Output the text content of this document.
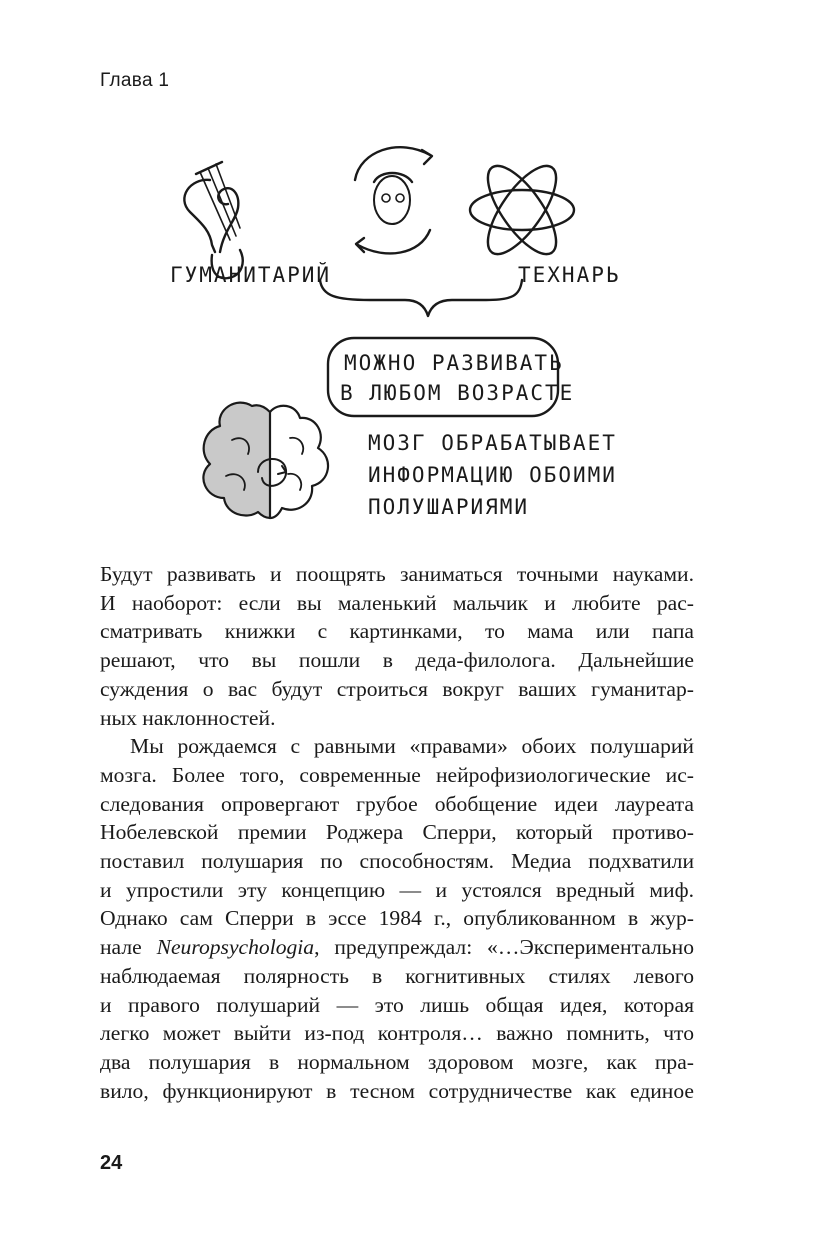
Глава 1
ГУМАНИТАРИЙ	ТЕХНАРЬ
МОЖНО РАЗВИВАТЬ
В ЛЮБОМ ВОЗРАСТЕ
МОЗГ ОБРАБАТЫВАЕТ
ИНФОРМАЦИЮ ОБОИМИ
ПОЛУШАРИЯМИ

Будут развивать и поощрять заниматься точными науками.
И наоборот: если вы маленький мальчик и любите рас-
сматривать книжки с картинками, то мама или папа
решают, что вы пошли в деда-филолога. Дальнейшие
суждения о вас будут строиться вокруг ваших гуманитар-
ных наклонностей.

Мы рождаемся с равными «правами» обоих полушарий
мозга. Более того, современные нейрофизиологические ис-
следования опровергают грубое обобщение идеи лауреата
Нобелевской премии Роджера Сперри, который противо-
поставил полушария по способностям. Медиа подхватили
и упростили эту концепцию — и устоялся вредный миф.
Однако сам Сперри в эссе 1984 г., опубликованном в жур-
нале Neuropsychologia, предупреждал: «…Экспериментально
наблюдаемая полярность в когнитивных стилях левого
и правого полушарий — это лишь общая идея, которая
легко может выйти из-под контроля… важно помнить, что
два полушария в нормальном здоровом мозге, как пра-
вило, функционируют в тесном сотрудничестве как единое

24
